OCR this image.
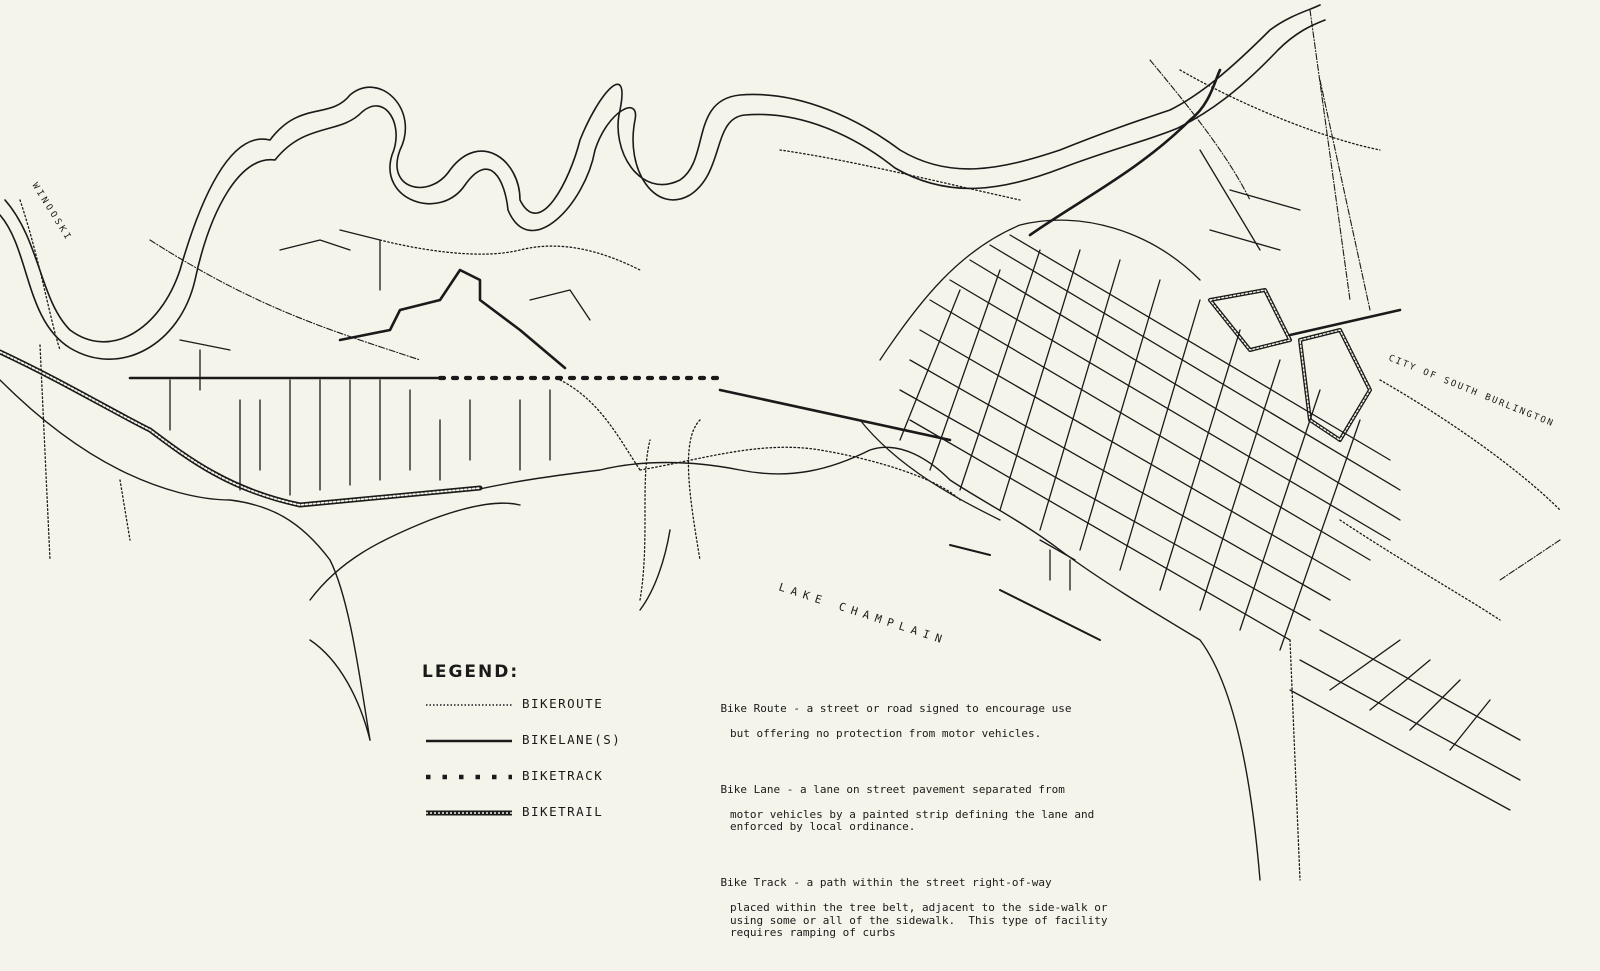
LAKE CHAMPLAIN
WINOOSKI
CITY OF SOUTH BURLINGTON
LEGEND:
BIKEROUTE
BIKELANE(S)
BIKETRACK
BIKETRAIL

Bike Route - a street or road signed to encourage use

but offering no protection from motor vehicles.

Bike Lane - a lane on street pavement separated from

motor vehicles by a painted strip defining the lane and enforced by local ordinance.

Bike Track - a path within the street right-of-way

placed within the tree belt, adjacent to the side-walk or using some or all of the sidewalk.  This type of facility requires ramping of curbs
